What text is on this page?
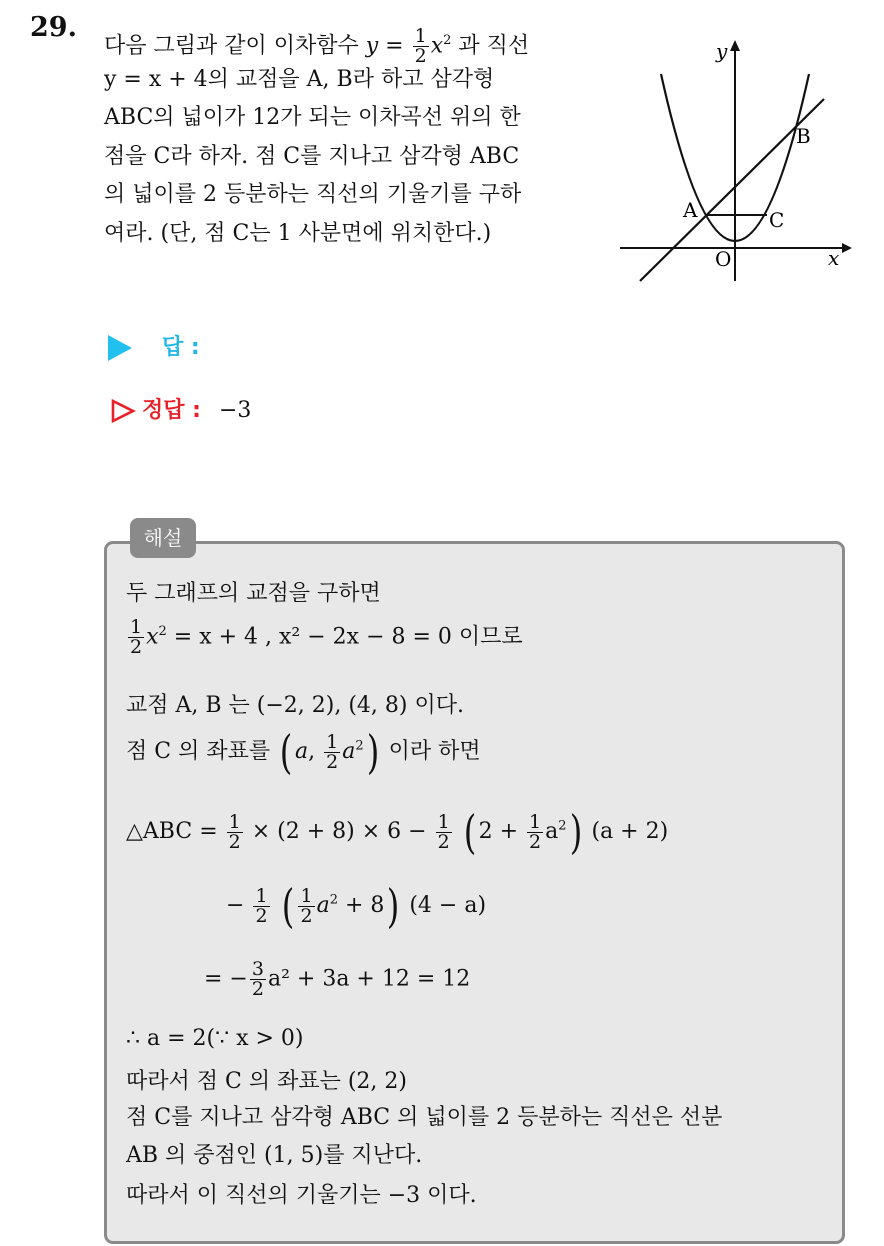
29.
다음 그림과 같이 이차함수 $y = \frac{1}{2} x^2$ 과 직선
y = x + 4의 교점을 A, B라 하고 삼각형
ABC의 넓이가 12가 되는 이차곡선 위의 한
점을 C라 하자. 점 C를 지나고 삼각형 ABC
의 넓이를 2 등분하는 직선의 기울기를 구하
여라. (단, 점 C는 1 사분면에 위치한다.)
y
x
O
A
B
C
답 :
정답 : −3
해설
두 그래프의 교점을 구하면
$\frac{1}{2} x^2 = x + 4$ , x² − 2x − 8 = 0 이므로
교점 A, B 는 (−2, 2), (4, 8) 이다.
점 C 의 좌표를 ( a, $\frac{1}{2} a^2$) 이라 하면
△ABC = $\frac{1}{2} \times (2 + 8) \times 6 - \frac{1}{2}$ ( $2 + \frac{1}{2} a^2$) (a + 2)
− $\frac{1}{2}$ ( $\frac{1}{2} a^2 + 8$) (4 − a)
= − $\frac{3}{2} a^2 + 3a + 12 = 12$
∴ a = 2(∵ x > 0)
따라서 점 C 의 좌표는 (2, 2)
점 C를 지나고 삼각형 ABC 의 넓이를 2 등분하는 직선은 선분
AB 의 중점인 (1, 5)를 지난다.
따라서 이 직선의 기울기는 −3 이다.
